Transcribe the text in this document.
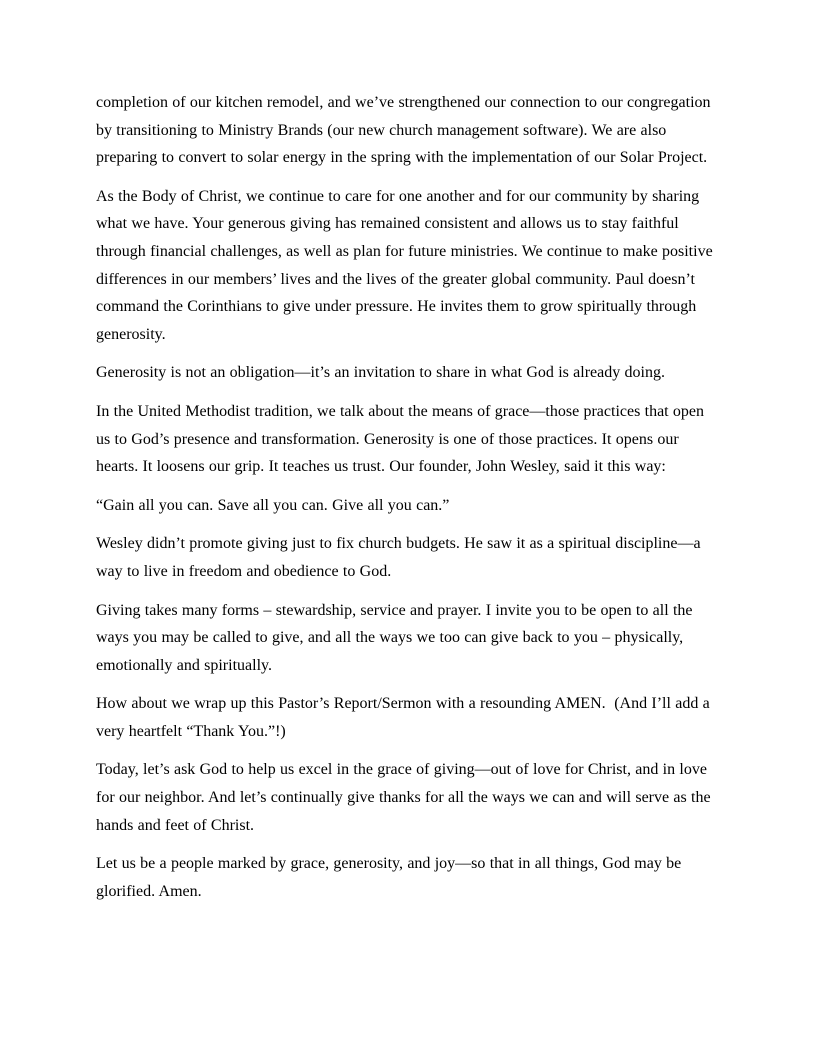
completion of our kitchen remodel, and we’ve strengthened our connection to our congregation by transitioning to Ministry Brands (our new church management software). We are also preparing to convert to solar energy in the spring with the implementation of our Solar Project.

As the Body of Christ, we continue to care for one another and for our community by sharing what we have. Your generous giving has remained consistent and allows us to stay faithful through financial challenges, as well as plan for future ministries. We continue to make positive differences in our members’ lives and the lives of the greater global community. Paul doesn’t command the Corinthians to give under pressure. He invites them to grow spiritually through generosity.

Generosity is not an obligation—it’s an invitation to share in what God is already doing.

In the United Methodist tradition, we talk about the means of grace—those practices that open us to God’s presence and transformation. Generosity is one of those practices. It opens our hearts. It loosens our grip. It teaches us trust. Our founder, John Wesley, said it this way:

“Gain all you can. Save all you can. Give all you can.”

Wesley didn’t promote giving just to fix church budgets. He saw it as a spiritual discipline—a way to live in freedom and obedience to God.

Giving takes many forms – stewardship, service and prayer. I invite you to be open to all the ways you may be called to give, and all the ways we too can give back to you – physically, emotionally and spiritually.

How about we wrap up this Pastor’s Report/Sermon with a resounding AMEN.  (And I’ll add a very heartfelt “Thank You.”!)

Today, let’s ask God to help us excel in the grace of giving—out of love for Christ, and in love for our neighbor. And let’s continually give thanks for all the ways we can and will serve as the hands and feet of Christ.

Let us be a people marked by grace, generosity, and joy—so that in all things, God may be glorified. Amen.
